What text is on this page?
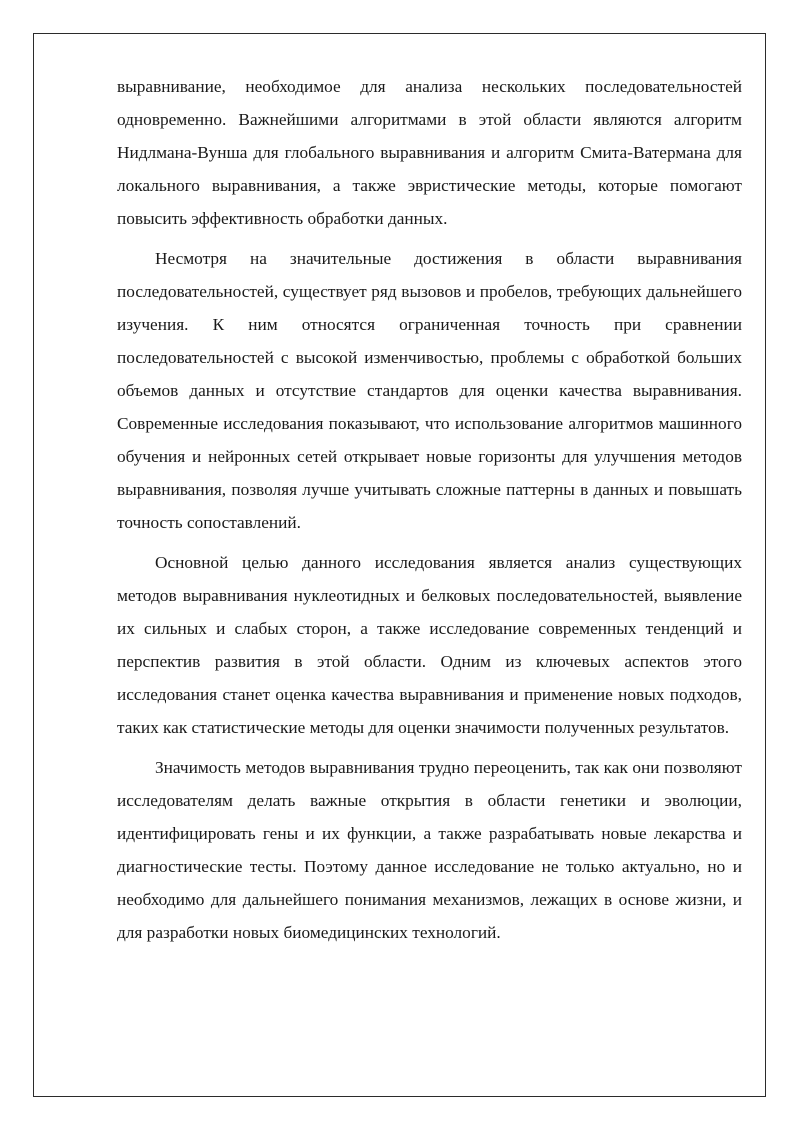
выравнивание, необходимое для анализа нескольких последовательностей одновременно. Важнейшими алгоритмами в этой области являются алгоритм Нидлмана-Вунша для глобального выравнивания и алгоритм Смита-Ватермана для локального выравнивания, а также эвристические методы, которые помогают повысить эффективность обработки данных.

Несмотря на значительные достижения в области выравнивания последовательностей, существует ряд вызовов и пробелов, требующих дальнейшего изучения. К ним относятся ограниченная точность при сравнении последовательностей с высокой изменчивостью, проблемы с обработкой больших объемов данных и отсутствие стандартов для оценки качества выравнивания. Современные исследования показывают, что использование алгоритмов машинного обучения и нейронных сетей открывает новые горизонты для улучшения методов выравнивания, позволяя лучше учитывать сложные паттерны в данных и повышать точность сопоставлений.

Основной целью данного исследования является анализ существующих методов выравнивания нуклеотидных и белковых последовательностей, выявление их сильных и слабых сторон, а также исследование современных тенденций и перспектив развития в этой области. Одним из ключевых аспектов этого исследования станет оценка качества выравнивания и применение новых подходов, таких как статистические методы для оценки значимости полученных результатов.

Значимость методов выравнивания трудно переоценить, так как они позволяют исследователям делать важные открытия в области генетики и эволюции, идентифицировать гены и их функции, а также разрабатывать новые лекарства и диагностические тесты. Поэтому данное исследование не только актуально, но и необходимо для дальнейшего понимания механизмов, лежащих в основе жизни, и для разработки новых биомедицинских технологий.
